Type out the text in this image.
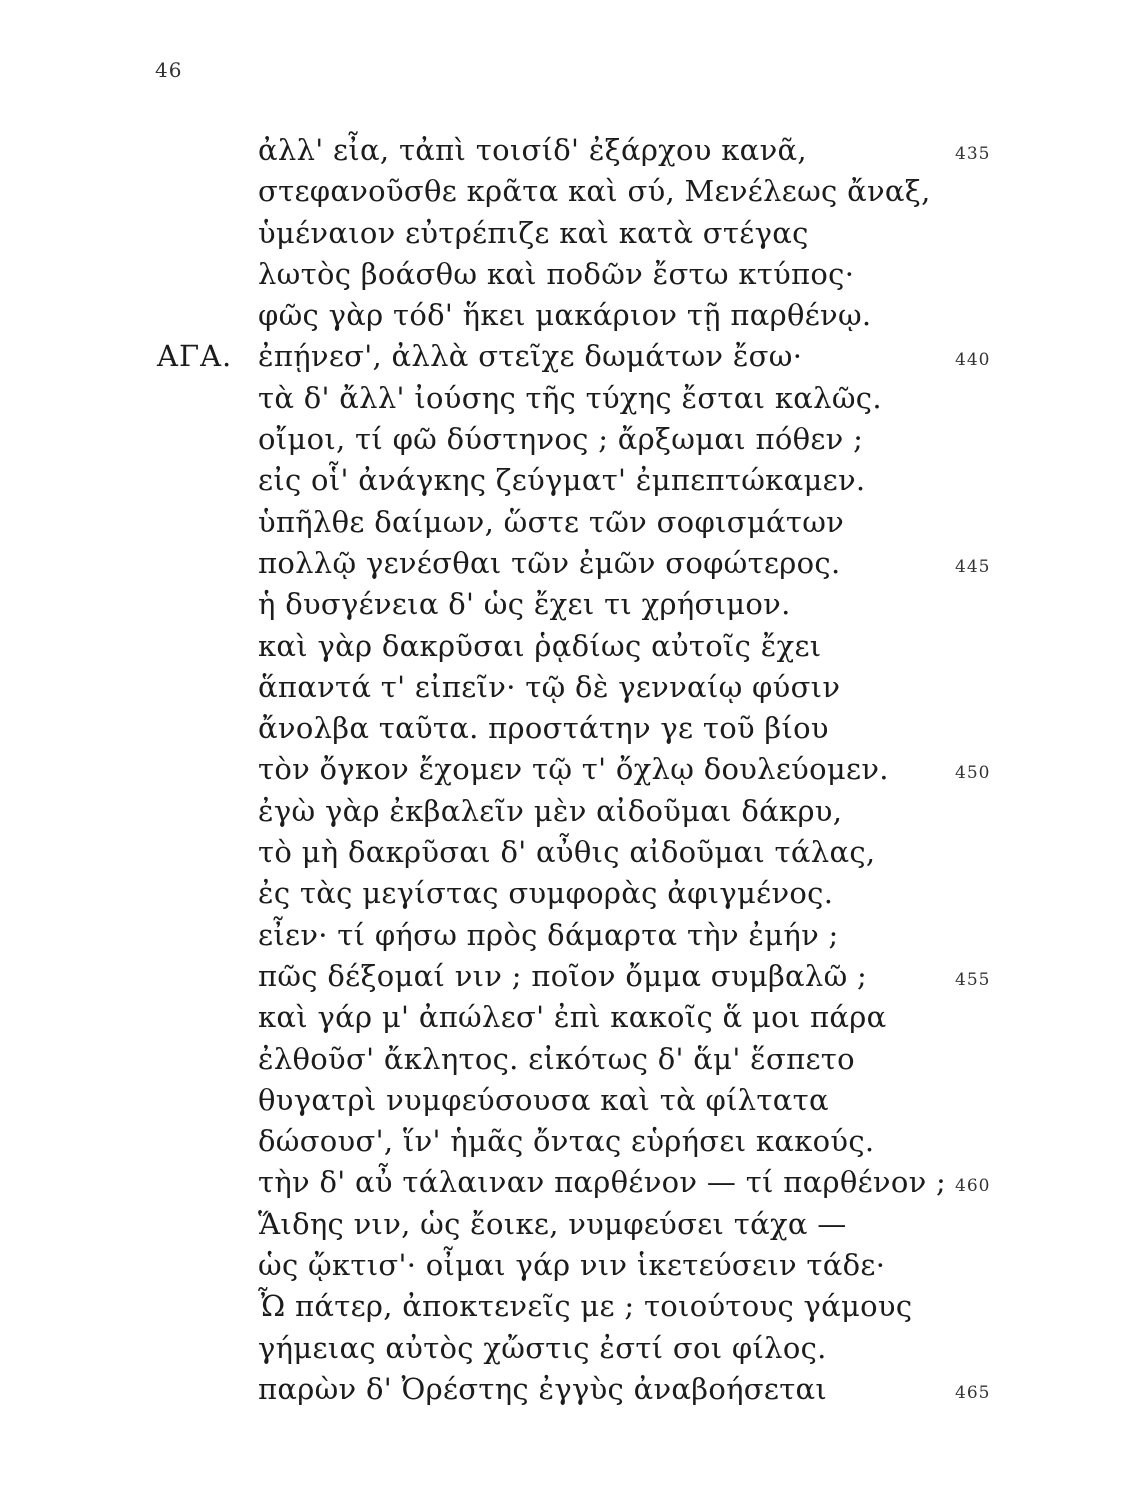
46
ἀλλ' εἶα, τἀπὶ τοισίδ' ἐξάρχου κανᾶ,	435
στεφανοῦσθε κρᾶτα καὶ σύ, Μενέλεως ἄναξ,
ὑμέναιον εὐτρέπιζε καὶ κατὰ στέγας
λωτὸς βοάσθω καὶ ποδῶν ἔστω κτύπος·
φῶς γὰρ τόδ' ἥκει μακάριον τῇ παρθένῳ.
ΑΓΑ. ἐπῄνεσ', ἀλλὰ στεῖχε δωμάτων ἔσω·	440
τὰ δ' ἄλλ' ἰούσης τῆς τύχης ἔσται καλῶς.
οἴμοι, τί φῶ δύστηνος ; ἄρξωμαι πόθεν ;
εἰς οἷ' ἀνάγκης ζεύγματ' ἐμπεπτώκαμεν.
ὑπῆλθε δαίμων, ὥστε τῶν σοφισμάτων
πολλῷ γενέσθαι τῶν ἐμῶν σοφώτερος.	445
ἡ δυσγένεια δ' ὡς ἔχει τι χρήσιμον.
καὶ γὰρ δακρῦσαι ῥᾳδίως αὐτοῖς ἔχει
ἅπαντά τ' εἰπεῖν· τῷ δὲ γενναίῳ φύσιν
ἄνολβα ταῦτα. προστάτην γε τοῦ βίου
τὸν ὄγκον ἔχομεν τῷ τ' ὄχλῳ δουλεύομεν.	450
ἐγὼ γὰρ ἐκβαλεῖν μὲν αἰδοῦμαι δάκρυ,
τὸ μὴ δακρῦσαι δ' αὖθις αἰδοῦμαι τάλας,
ἐς τὰς μεγίστας συμφορὰς ἀφιγμένος.
εἶεν· τί φήσω πρὸς δάμαρτα τὴν ἐμήν ;
πῶς δέξομαί νιν ; ποῖον ὄμμα συμβαλῶ ;	455
καὶ γάρ μ' ἀπώλεσ' ἐπὶ κακοῖς ἅ μοι πάρα
ἐλθοῦσ' ἄκλητος. εἰκότως δ' ἅμ' ἕσπετο
θυγατρὶ νυμφεύσουσα καὶ τὰ φίλτατα
δώσουσ', ἵν' ἡμᾶς ὄντας εὑρήσει κακούς.
τὴν δ' αὖ τάλαιναν παρθένον — τί παρθένον ; 460
Ἅιδης νιν, ὡς ἔοικε, νυμφεύσει τάχα —
ὡς ᾤκτισ'· οἶμαι γάρ νιν ἱκετεύσειν τάδε·
Ὦ πάτερ, ἀποκτενεῖς με ; τοιούτους γάμους
γήμειας αὐτὸς χὤστις ἐστί σοι φίλος.
παρὼν δ' Ὀρέστης ἐγγὺς ἀναβοήσεται	465
